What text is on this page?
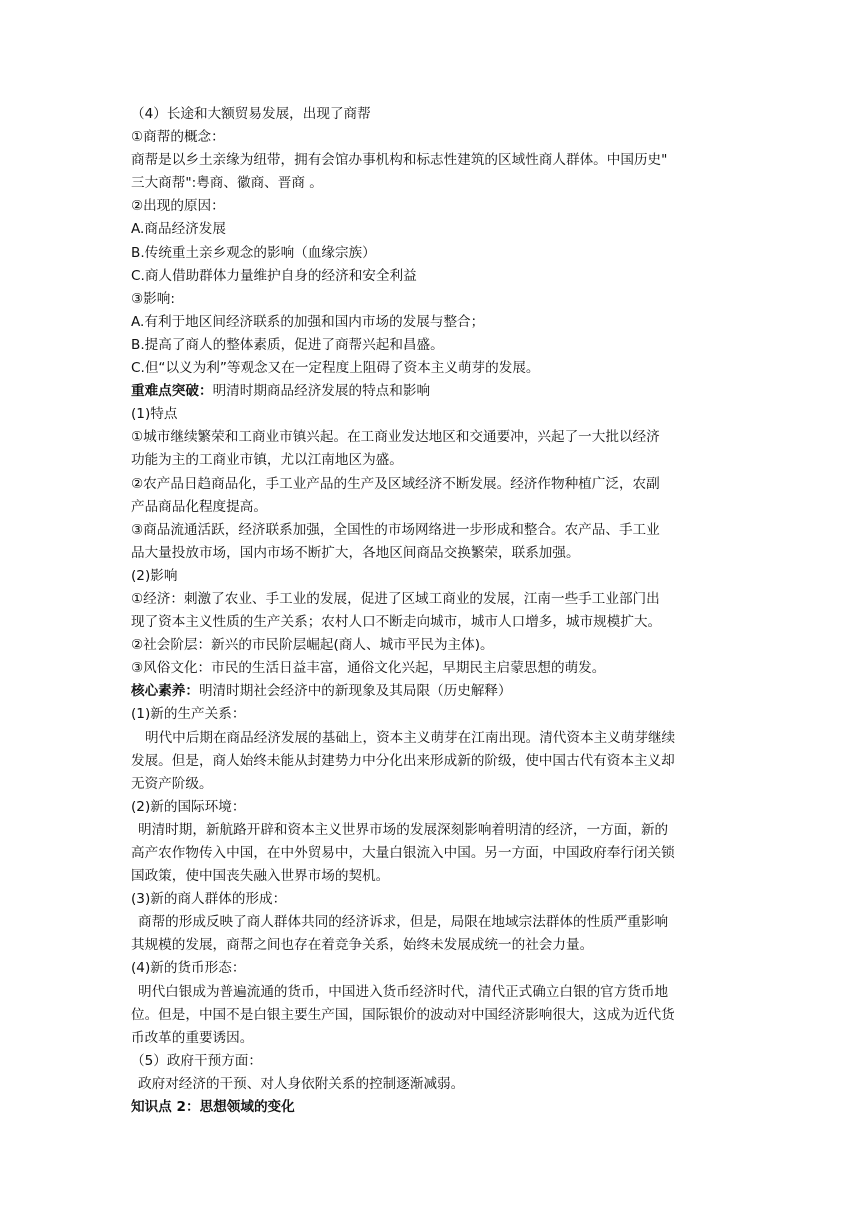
（4）长途和大额贸易发展，出现了商帮
①商帮的概念：
商帮是以乡土亲缘为纽带，拥有会馆办事机构和标志性建筑的区域性商人群体。中国历史"
三大商帮":粤商、徽商、晋商 。
②出现的原因：
A.商品经济发展
B.传统重土亲乡观念的影响（血缘宗族）
C.商人借助群体力量维护自身的经济和安全利益
③影响:
A.有利于地区间经济联系的加强和国内市场的发展与整合；
B.提高了商人的整体素质，促进了商帮兴起和昌盛。
C.但“以义为利”等观念又在一定程度上阻碍了资本主义萌芽的发展。
重难点突破：明清时期商品经济发展的特点和影响
(1)特点
①城市继续繁荣和工商业市镇兴起。在工商业发达地区和交通要冲，兴起了一大批以经济
功能为主的工商业市镇，尤以江南地区为盛。
②农产品日趋商品化，手工业产品的生产及区域经济不断发展。经济作物种植广泛，农副
产品商品化程度提高。
③商品流通活跃，经济联系加强，全国性的市场网络进一步形成和整合。农产品、手工业
品大量投放市场，国内市场不断扩大，各地区间商品交换繁荣，联系加强。
(2)影响
①经济：刺激了农业、手工业的发展，促进了区域工商业的发展，江南一些手工业部门出
现了资本主义性质的生产关系；农村人口不断走向城市，城市人口增多，城市规模扩大。
②社会阶层：新兴的市民阶层崛起(商人、城市平民为主体)。
③风俗文化：市民的生活日益丰富，通俗文化兴起，早期民主启蒙思想的萌发。
核心素养：明清时期社会经济中的新现象及其局限（历史解释）
(1)新的生产关系：
明代中后期在商品经济发展的基础上，资本主义萌芽在江南出现。清代资本主义萌芽继续
发展。但是，商人始终未能从封建势力中分化出来形成新的阶级，使中国古代有资本主义却
无资产阶级。
(2)新的国际环境：
明清时期，新航路开辟和资本主义世界市场的发展深刻影响着明清的经济，一方面，新的
高产农作物传入中国，在中外贸易中，大量白银流入中国。另一方面，中国政府奉行闭关锁
国政策，使中国丧失融入世界市场的契机。
(3)新的商人群体的形成：
商帮的形成反映了商人群体共同的经济诉求，但是，局限在地域宗法群体的性质严重影响
其规模的发展，商帮之间也存在着竞争关系，始终未发展成统一的社会力量。
(4)新的货币形态：
明代白银成为普遍流通的货币，中国进入货币经济时代，清代正式确立白银的官方货币地
位。但是，中国不是白银主要生产国，国际银价的波动对中国经济影响很大，这成为近代货
币改革的重要诱因。
（5）政府干预方面：
政府对经济的干预、对人身依附关系的控制逐渐减弱。
知识点 2：思想领域的变化
